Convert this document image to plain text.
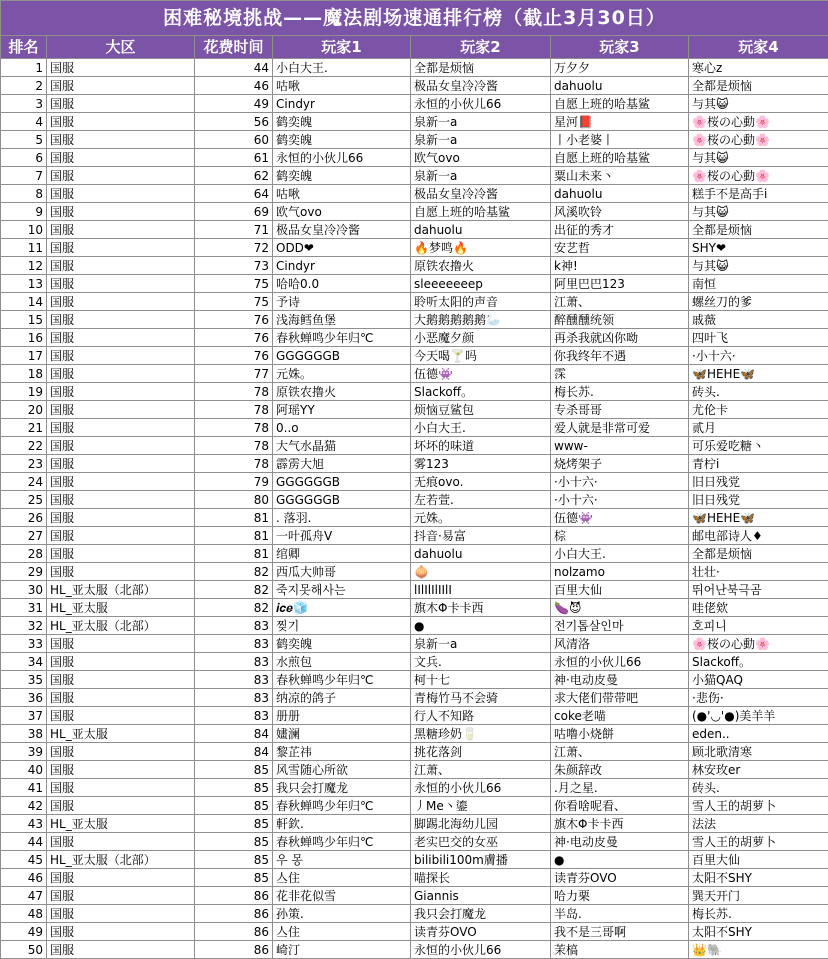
困难秘境挑战——魔法剧场速通排行榜（截止3月30日）						
排名	大区	花费时间	玩家1	玩家2	玩家3	玩家4
1	国服	44	小白大王.	全都是烦恼	万夕夕	寒心z
2	国服	46	咕啾	极品女皇冷冷酱	dahuolu	全都是烦恼
3	国服	49	Cindyr	永恒的小伙儿66	自愿上班的哈基鲨	与其😺
4	国服	56	鹤奕魄	泉新一a	星河📕	🌸桜の心動🌸
5	国服	60	鹤奕魄	泉新一a	丨小老婆丨	🌸桜の心動🌸
6	国服	61	永恒的小伙儿66	欧气ovo	自愿上班的哈基鲨	与其😺
7	国服	62	鹤奕魄	泉新一a	粟山未来丶	🌸桜の心動🌸
8	国服	64	咕啾	极品女皇冷冷酱	dahuolu	糕手不是高手i
9	国服	69	欧气ovo	自愿上班的哈基鲨	风溪吹铃	与其😺
10	国服	71	极品女皇冷冷酱	dahuolu	出征的秀才	全都是烦恼
11	国服	72	ODD❤	🔥梦鸣🔥	安艺哲	SHY❤
12	国服	73	Cindyr	原铁农撸火	k神!	与其😺
13	国服	75	哈哈0.0	sleeeeeeep	阿里巴巴123	南恒
14	国服	75	予诗	聆听太阳的声音	江萧、	螺丝刀的爹
15	国服	76	浅海鳕鱼堡	大鹅鹅鹅鹅鹅🦢	醉醺醺统领	戚薇
16	国服	76	春秋蝉鸣少年归℃	小恶魔夕颜	再杀我就凶你呦	四叶飞
17	国服	76	GGGGGGB	今天喝🍸吗	你我终年不遇	·小十六·
18	国服	77	元姝。	伍德👾	霂	🦋HEHE🦋
19	国服	78	原铁农撸火	Slackoff。	梅长苏.	砖头.
20	国服	78	阿瑶YY	烦恼豆鲨包	专杀哥哥	尤伦卡
21	国服	78	0..o	小白大王.	爱人就是非常可爱	贰月
22	国服	78	大气水晶猫	坏坏的味道	www-	可乐爱吃糖丶
23	国服	78	霹雳大旭	雾123	烧烤架子	青柠i
24	国服	79	GGGGGGB	无痕ovo.	·小十六·	旧日残党
25	国服	80	GGGGGGB	左若萱.	·小十六·	旧日残党
26	国服	81	. 落羽.	元姝。	伍德👾	🦋HEHE🦋
27	国服	81	一叶孤舟V	抖音·易富	棕	邮电部诗人♦
28	国服	81	绾卿	dahuolu	小白大王.	全都是烦恼
29	国服	82	西瓜大帅哥	🧅	nolzamo	壮壮·
30	HL_亚太服（北部）	82	죽지못해사는	lIlIlIlIIlI	百里大仙	뛰어난북극곰
31	HL_亚太服	82	𝒊𝒄𝒆🧊	旗木Φ卡卡西	🍆😈	哇佬欸
32	HL_亚太服（北部）	83	찢기	●	전기톱살인마	호피니
33	国服	83	鹤奕魄	泉新一a	风清洛	🌸桜の心動🌸
34	国服	83	水煎包	文兵.	永恒的小伙儿66	Slackoff。
35	国服	83	春秋蝉鸣少年归℃	柯十七	神·电动皮曼	小猫QAQ
36	国服	83	纳凉的鸽子	青梅竹马不会骑	求大佬们带带吧	·悲伤·
37	国服	83	册册	行人不知路	coke老喵	(●'◡'●)美羊羊
38	HL_亚太服	84	嫿澜	黑糖珍奶🥛	咕噜小烧餅	eden..
39	国服	84	黎芷祎	挑花落剑	江萧、	顾北歌清寒
40	国服	85	风雪随心所欲	江萧、	朱颜辞改	林安玫er
41	国服	85	我只会打魔龙	永恒的小伙儿66	.月之星.	砖头.
42	国服	85	春秋蝉鸣少年归℃	丿Me丶鎏	你看啥呢看、	雪人王的胡萝卜
43	HL_亚太服	85	軒欽.	脚踢北海幼儿园	旗木Φ卡卡西	法法
44	国服	85	春秋蝉鸣少年归℃	老实巴交的女巫	神·电动皮曼	雪人王的胡萝卜
45	HL_亚太服（北部）	85	우 몽	bilibili100m膚播	●	百里大仙
46	国服	85	亼住	喵探长	读青芬OVO	太阳不SHY
47	国服	86	花非花似雪	Giannis	哈力栗	巽天开门
48	国服	86	孙策.	我只会打魔龙	半岛.	梅长苏.
49	国服	86	亼住	读青芬OVO	我不是三哥啊	太阳不SHY
50	国服	86	崎汀	永恒的小伙儿66	茉槁	👑🐘
